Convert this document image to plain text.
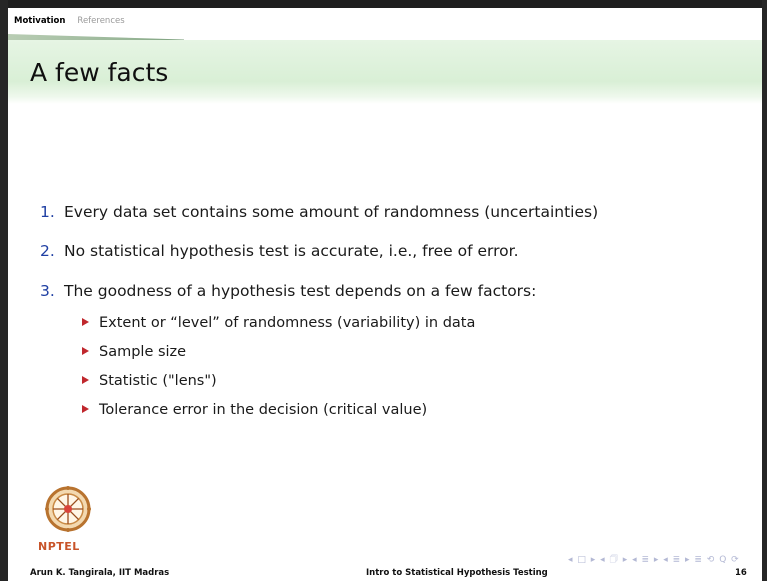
Motivation References
A few facts
1. Every data set contains some amount of randomness (uncertainties)
2. No statistical hypothesis test is accurate, i.e., free of error.
3. The goodness of a hypothesis test depends on a few factors:
Extent or “level” of randomness (variability) in data
Sample size
Statistic ("lens")
Tolerance error in the decision (critical value)
NPTEL
◂ □ ▸ ◂ 🗇 ▸ ◂ ≣ ▸ ◂ ≣ ▸ ≣ ⟲ Q ⟳
Arun K. Tangirala, IIT Madras	Intro to Statistical Hypothesis Testing	16
